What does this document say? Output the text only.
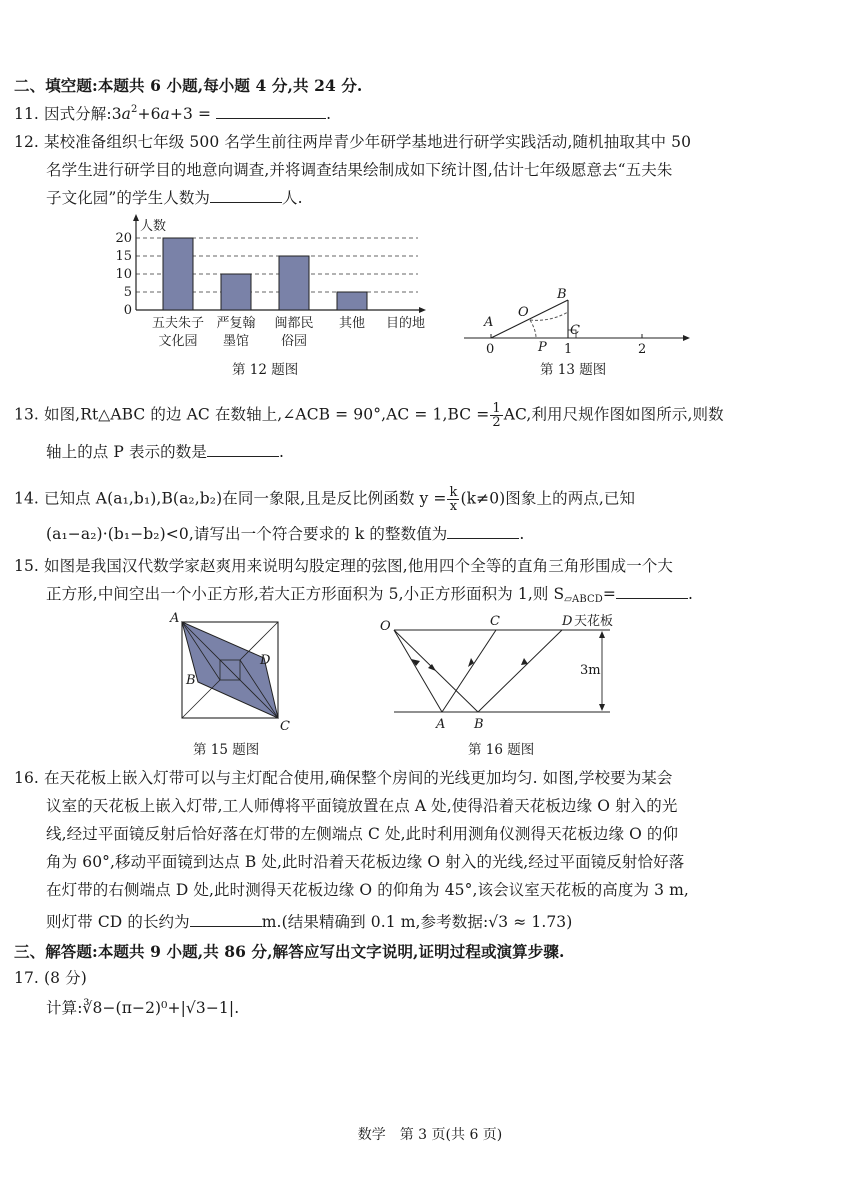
二、填空题:本题共 6 小题,每小题 4 分,共 24 分.
11. 因式分解$:3a^2+6a+3$ =	.
12. 某校准备组织七年级 500 名学生前往两岸青少年研学基地进行研学实践活动,随机抽取其中 50
名学生进行研学目的地意向调查,并将调查结果绘制成如下统计图,估计七年级愿意去“五夫朱
子文化园”的学生人数为	人.
人数
0
5
10
15
20
五夫朱子
文化园
严复翰
墨馆
闽都民
俗园
其他 目的地
第 12 题图
A
O
B
C
P
0	1	2
第 13 题图
13. 如图,Rt△ABC 的边 AC 在数轴上,∠ACB = $90^\circ,AC = 1,BC = \frac{1}{2}$ AC,利用尺规作图如图所示,则数
轴上的点 P 表示的数是	.
14. 已知点 A(a₁,b₁),B(a₂,b₂)在同一象限,且是反比例函数 $y = \frac{k}{x} (k\ne 0)$图象上的两点,已知
(a₁−a₂)·(b₁−b₂)<0,请写出一个符合要求的 k 的整数值为	.
15. 如图是我国汉代数学家赵爽用来说明勾股定理的弦图,他用四个全等的直角三角形围成一个大
正方形,中间空出一个小正方形,若大正方形面积为 5,小正方形面积为 1,则 $S_{▱ABCD}=$	.
A
B
C
D
第 15 题图
O	C	D 天花板
A B
3m
第 16 题图
16. 在天花板上嵌入灯带可以与主灯配合使用,确保整个房间的光线更加均匀. 如图,学校要为某会
议室的天花板上嵌入灯带,工人师傅将平面镜放置在点 A 处,使得沿着天花板边缘 O 射入的光
线,经过平面镜反射后恰好落在灯带的左侧端点 C 处,此时利用测角仪测得天花板边缘 O 的仰
角为 60°,移动平面镜到达点 B 处,此时沿着天花板边缘 O 射入的光线,经过平面镜反射恰好落
在灯带的右侧端点 D 处,此时测得天花板边缘 O 的仰角为 45°,该会议室天花板的高度为 3 m,
则灯带 CD 的长约为	m.(结果精确到 0.1 m,参考数据:√3 ≈ 1.73)
三、解答题:本题共 9 小题,共 86 分,解答应写出文字说明,证明过程或演算步骤.
17. (8 分)
计算:∛8−(π−2)⁰+|√3−1|.
数学　第 3 页(共 6 页)
